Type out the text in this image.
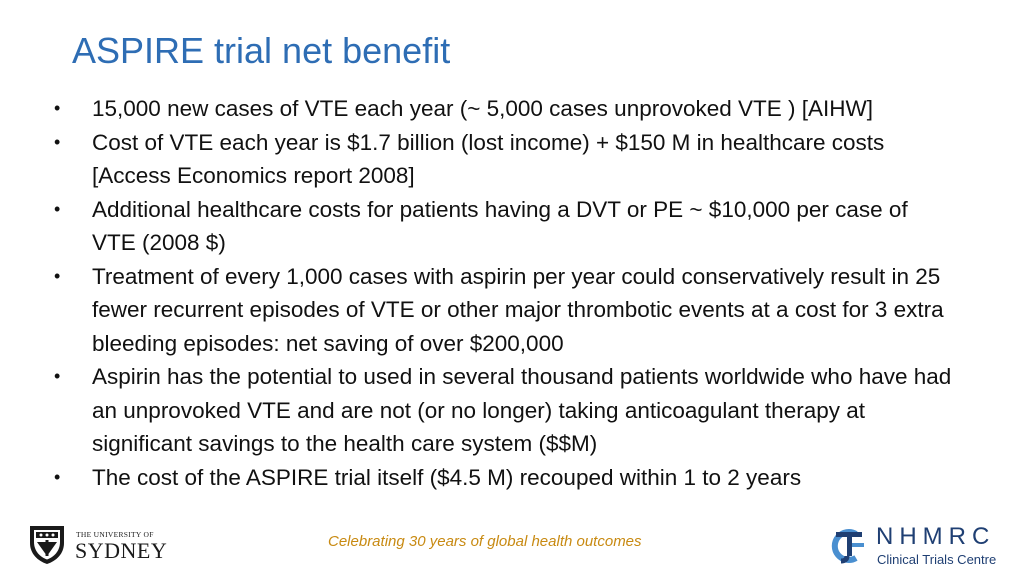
ASPIRE trial net benefit
• 15,000 new cases of VTE each year (~ 5,000 cases unprovoked VTE ) [AIHW]
• Cost of VTE each year is $1.7 billion (lost income) + $150 M in healthcare costs [Access Economics report 2008]
• Additional healthcare costs for patients having a DVT or PE ~ $10,000 per case of VTE (2008 $)
• Treatment of every 1,000 cases with aspirin per year could conservatively result in 25 fewer recurrent episodes of VTE or other major thrombotic events at a cost for 3 extra bleeding episodes: net saving of over $200,000
• Aspirin has the potential to used in several thousand patients worldwide who have had an unprovoked VTE and are not (or no longer) taking anticoagulant therapy at significant savings to the health care system ($$M)
• The cost of the ASPIRE trial itself ($4.5 M) recouped within 1 to 2 years
THE UNIVERSITY OF
SYDNEY	Celebrating 30 years of global health outcomes	NHMRC
Clinical Trials Centre
